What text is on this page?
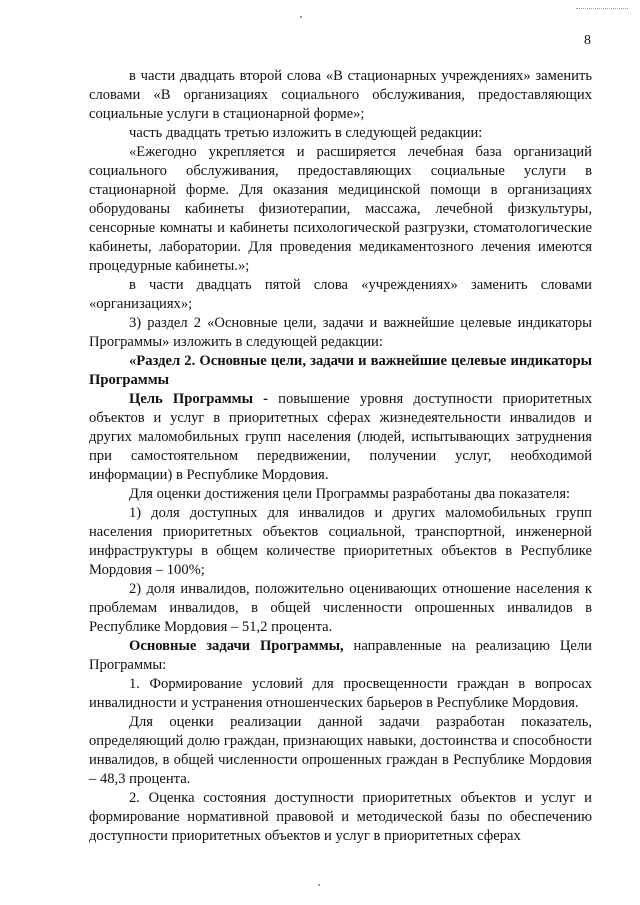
8

в части двадцать второй слова «В стационарных учреждениях» заменить словами «В организациях социального обслуживания, предоставляющих социальные услуги в стационарной форме»;

часть двадцать третью изложить в следующей редакции:

«Ежегодно укрепляется и расширяется лечебная база организаций социального обслуживания, предоставляющих социальные услуги в стационарной форме. Для оказания медицинской помощи в организациях оборудованы кабинеты физиотерапии, массажа, лечебной физкультуры, сенсорные комнаты и кабинеты психологической разгрузки, стоматологические кабинеты, лаборатории. Для проведения медикаментозного лечения имеются процедурные кабинеты.»;

в части двадцать пятой слова «учреждениях» заменить словами «организациях»;

3) раздел 2 «Основные цели, задачи и важнейшие целевые индикаторы Программы» изложить в следующей редакции:

«Раздел 2. Основные цели, задачи и важнейшие целевые индикаторы Программы

Цель Программы - повышение уровня доступности приоритетных объектов и услуг в приоритетных сферах жизнедеятельности инвалидов и других маломобильных групп населения (людей, испытывающих затруднения при самостоятельном передвижении, получении услуг, необходимой информации) в Республике Мордовия.

Для оценки достижения цели Программы разработаны два показателя:

1) доля доступных для инвалидов и других маломобильных групп населения приоритетных объектов социальной, транспортной, инженерной инфраструктуры в общем количестве приоритетных объектов в Республике Мордовия – 100%;

2) доля инвалидов, положительно оценивающих отношение населения к проблемам инвалидов, в общей численности опрошенных инвалидов в Республике Мордовия – 51,2 процента.

Основные задачи Программы, направленные на реализацию Цели Программы:

1. Формирование условий для просвещенности граждан в вопросах инвалидности и устранения отношенческих барьеров в Республике Мордовия.

Для оценки реализации данной задачи разработан показатель, определяющий долю граждан, признающих навыки, достоинства и способности инвалидов, в общей численности опрошенных граждан в Республике Мордовия – 48,3 процента.

2. Оценка состояния доступности приоритетных объектов и услуг и формирование нормативной правовой и методической базы по обеспечению доступности приоритетных объектов и услуг в приоритетных сферах
